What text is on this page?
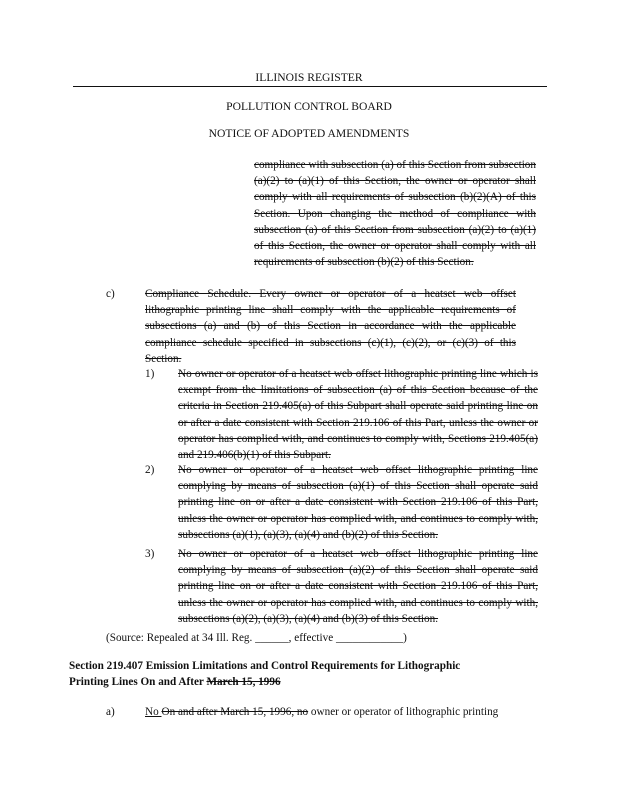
ILLINOIS REGISTER
POLLUTION CONTROL BOARD
NOTICE OF ADOPTED AMENDMENTS

compliance with subsection (a) of this Section from subsection (a)(2) to (a)(1) of this Section, the owner or operator shall comply with all requirements of subsection (b)(2)(A) of this Section. Upon changing the method of compliance with subsection (a) of this Section from subsection (a)(2) to (a)(1) of this Section, the owner or operator shall comply with all requirements of subsection (b)(2) of this Section.

c)	Compliance Schedule. Every owner or operator of a heatset web offset lithographic printing line shall comply with the applicable requirements of subsections (a) and (b) of this Section in accordance with the applicable compliance schedule specified in subsections (c)(1), (c)(2), or (c)(3) of this Section.

1) No owner or operator of a heatset web offset lithographic printing line which is exempt from the limitations of subsection (a) of this Section because of the criteria in Section 219.405(a) of this Subpart shall operate said printing line on or after a date consistent with Section 219.106 of this Part, unless the owner or operator has complied with, and continues to comply with, Sections 219.405(a) and 219.406(b)(1) of this Subpart.

2) No owner or operator of a heatset web offset lithographic printing line complying by means of subsection (a)(1) of this Section shall operate said printing line on or after a date consistent with Section 219.106 of this Part, unless the owner or operator has complied with, and continues to comply with, subsections (a)(1), (a)(3), (a)(4) and (b)(2) of this Section.

3) No owner or operator of a heatset web offset lithographic printing line complying by means of subsection (a)(2) of this Section shall operate said printing line on or after a date consistent with Section 219.106 of this Part, unless the owner or operator has complied with, and continues to comply with, subsections (a)(2), (a)(3), (a)(4) and (b)(3) of this Section.

(Source: Repealed at 34 Ill. Reg. ______, effective ____________)
Section 219.407 Emission Limitations and Control Requirements for Lithographic
Printing Lines On and After March 15, 1996
a)	No On and after March 15, 1996, no owner or operator of lithographic printing
